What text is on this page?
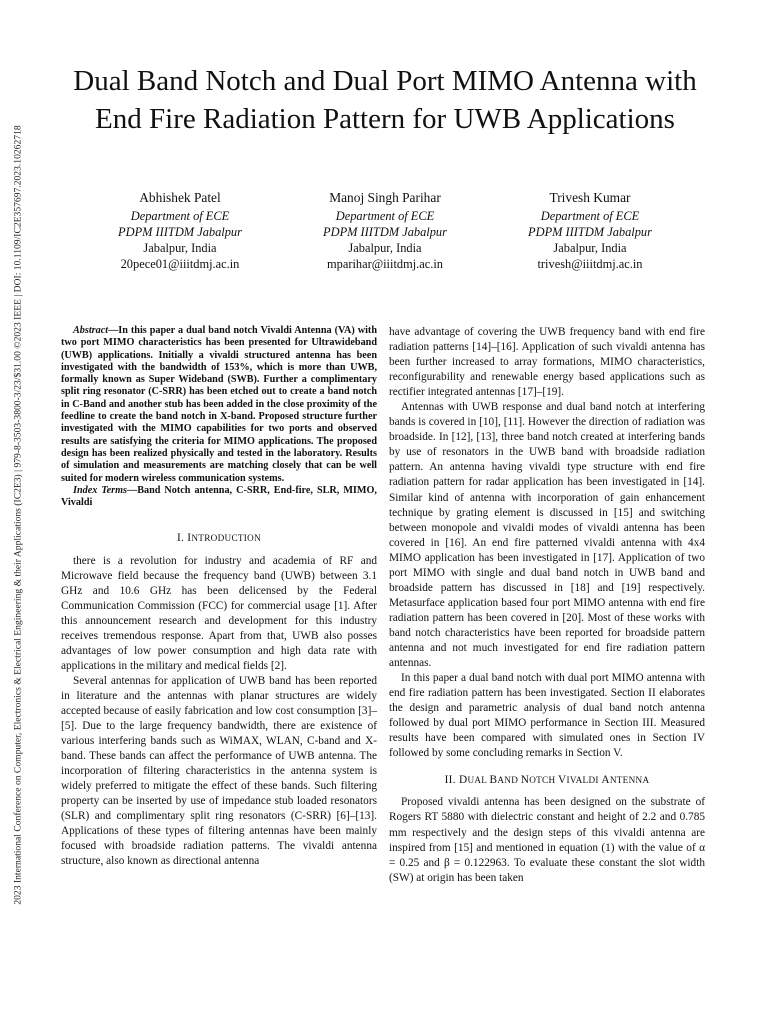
2023 International Conference on Computer, Electronics & Electrical Engineering & their Applications (IC2E3) | 979-8-3503-3800-3/23/$31.00 ©2023 IEEE | DOI: 10.1109/IC2E357697.2023.10262718
Dual Band Notch and Dual Port MIMO Antenna with End Fire Radiation Pattern for UWB Applications
Abhishek Patel
Department of ECE
PDPM IIITDM Jabalpur
Jabalpur, India
20pece01@iiitdmj.ac.in
Manoj Singh Parihar
Department of ECE
PDPM IIITDM Jabalpur
Jabalpur, India
mparihar@iiitdmj.ac.in
Trivesh Kumar
Department of ECE
PDPM IIITDM Jabalpur
Jabalpur, India
trivesh@iiitdmj.ac.in

Abstract—In this paper a dual band notch Vivaldi Antenna (VA) with two port MIMO characteristics has been presented for Ultrawideband (UWB) applications. Initially a vivaldi structured antenna has been investigated with the bandwidth of 153%, which is more than UWB, formally known as Super Wideband (SWB). Further a complimentary split ring resonator (C-SRR) has been etched out to create a band notch in C-Band and another stub has been added in the close proximity of the feedline to create the band notch in X-band. Proposed structure further investigated with the MIMO capabilities for two ports and observed results are satisfying the criteria for MIMO applications. The proposed design has been realized physically and tested in the laboratory. Results of simulation and measurements are matching closely that can be well suited for modern wireless communication systems.

Index Terms—Band Notch antenna, C-SRR, End-fire, SLR, MIMO, Vivaldi

I. INTRODUCTION

there is a revolution for industry and academia of RF and Microwave field because the frequency band (UWB) between 3.1 GHz and 10.6 GHz has been delicensed by the Federal Communication Commission (FCC) for commercial usage [1]. After this announcement research and development for this industry receives tremendous response. Apart from that, UWB also posses advantages of low power consumption and high data rate with applications in the military and medical fields [2].

Several antennas for application of UWB band has been reported in literature and the antennas with planar structures are widely accepted because of easily fabrication and low cost consumption [3]–[5]. Due to the large frequency bandwidth, there are existence of various interfering bands such as WiMAX, WLAN, C-band and X-band. These bands can affect the performance of UWB antenna. The incorporation of filtering characteristics in the antenna system is widely preferred to mitigate the effect of these bands. Such filtering property can be inserted by use of impedance stub loaded resonators (SLR) and complimentary split ring resonators (C-SRR) [6]–[13]. Applications of these types of filtering antennas have been mainly focused with broadside radiation patterns. The vivaldi antenna structure, also known as directional antenna

have advantage of covering the UWB frequency band with end fire radiation patterns [14]–[16]. Application of such vivaldi antenna has been further increased to array formations, MIMO characteristics, reconfigurability and renewable energy based applications such as rectifier integrated antennas [17]–[19].

Antennas with UWB response and dual band notch at interfering bands is covered in [10], [11]. However the direction of radiation was broadside. In [12], [13], three band notch created at interfering bands by use of resonators in the UWB band with broadside radiation pattern. An antenna having vivaldi type structure with end fire radiation pattern for radar application has been investigated in [14]. Similar kind of antenna with incorporation of gain enhancement technique by grating element is discussed in [15] and switching between monopole and vivaldi modes of vivaldi antenna has been covered in [16]. An end fire patterned vivaldi antenna with 4x4 MIMO application has been investigated in [17]. Application of two port MIMO with single and dual band notch in UWB band and broadside pattern has discussed in [18] and [19] respectively. Metasurface application based four port MIMO antenna with end fire radiation pattern has been covered in [20]. Most of these works with band notch characteristics have been reported for broadside pattern antenna and not much investigated for end fire radiation pattern antennas.

In this paper a dual band notch with dual port MIMO antenna with end fire radiation pattern has been investigated. Section II elaborates the design and parametric analysis of dual band notch antenna followed by dual port MIMO performance in Section III. Measured results have been compared with simulated ones in Section IV followed by some concluding remarks in Section V.

II. DUAL BAND NOTCH VIVALDI ANTENNA

Proposed vivaldi antenna has been designed on the substrate of Rogers RT 5880 with dielectric constant and height of 2.2 and 0.785 mm respectively and the design steps of this vivaldi antenna are inspired from [15] and mentioned in equation (1) with the value of α = 0.25 and β = 0.122963. To evaluate these constant the slot width (SW) at origin has been taken
